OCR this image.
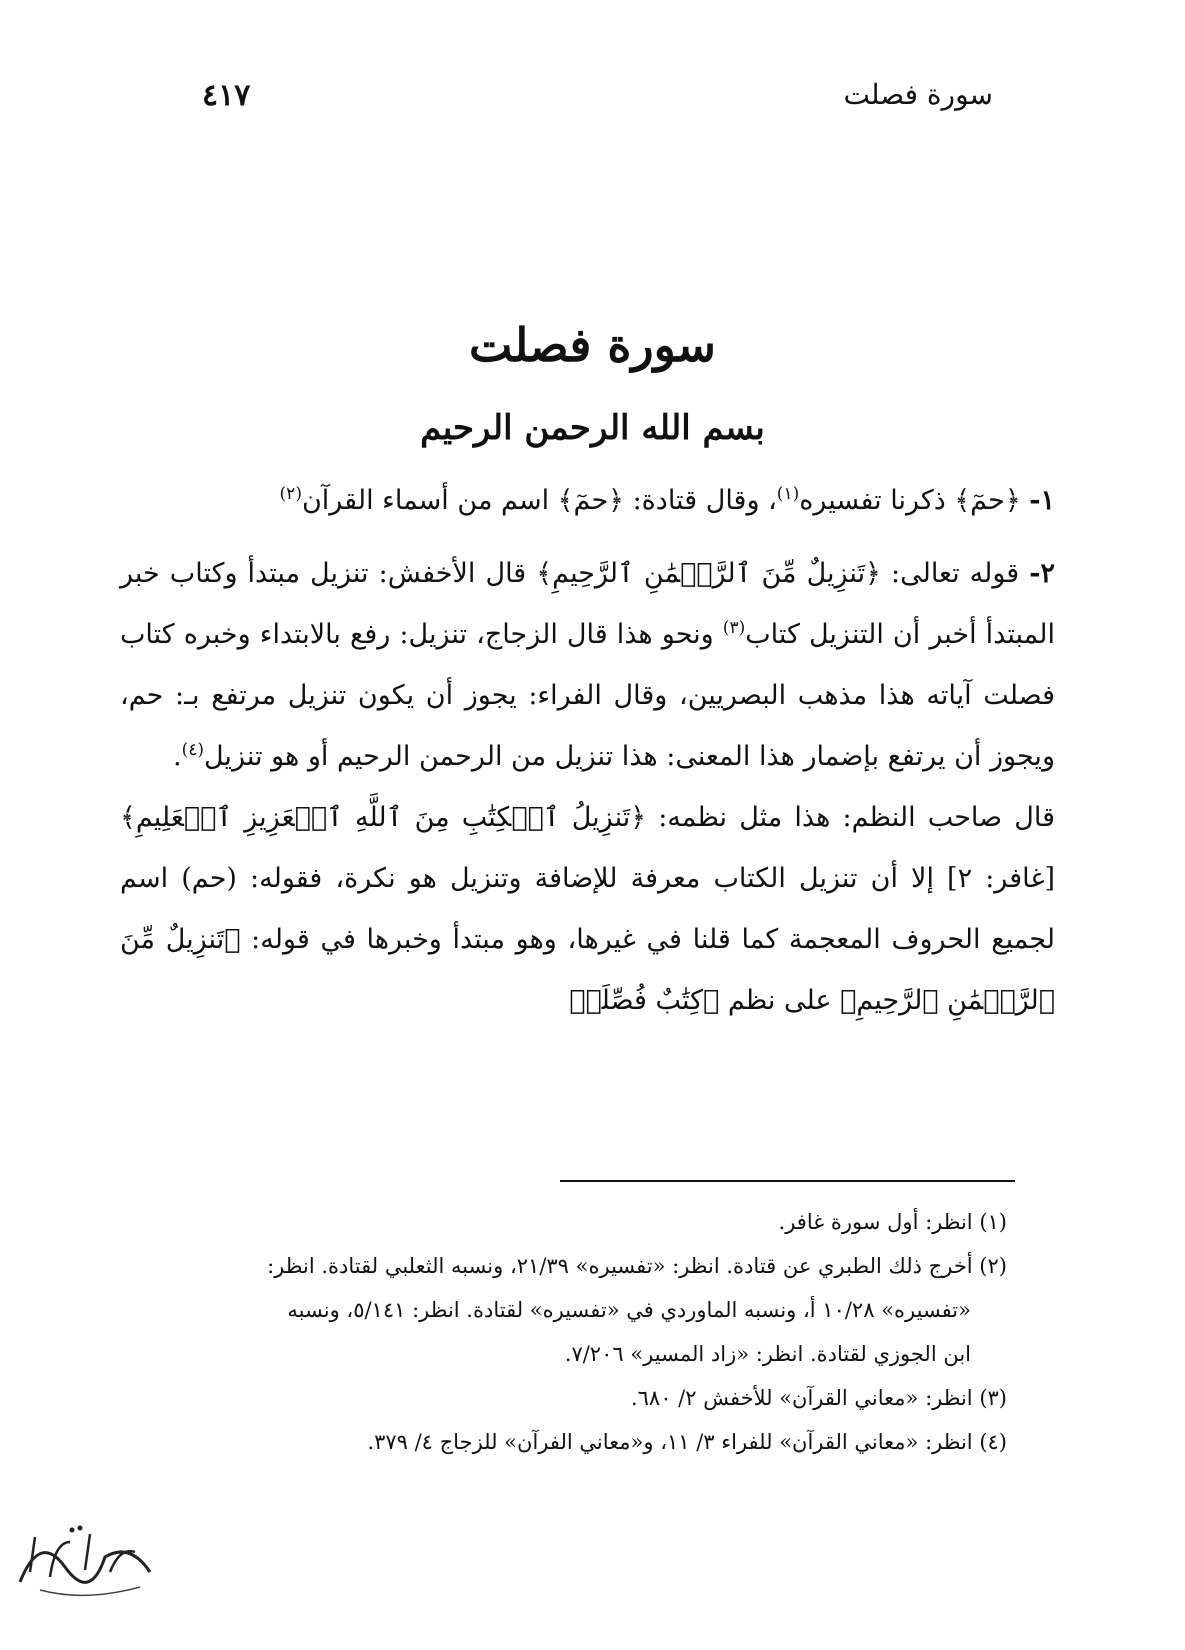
سورة فصلت
٤١٧
سورة فصلت
بسم الله الرحمن الرحيم

١- ﴿حمٓ﴾ ذكرنا تفسيره$^{(١)}$، وقال قتادة: ﴿حمٓ﴾ اسم من أسماء القرآن$^{(٢)}$

٢- قوله تعالى: ﴿تَنزِيلٌ مِّنَ ٱلرَّحۡمَٰنِ ٱلرَّحِيمِ﴾ قال الأخفش: تنزيل مبتدأ وكتاب خبر المبتدأ أخبر أن التنزيل كتاب$^{(٣)}$ ونحو هذا قال الزجاج، تنزيل: رفع بالابتداء وخبره كتاب فصلت آياته هذا مذهب البصريين، وقال الفراء: يجوز أن يكون تنزيل مرتفع بـ: حم، ويجوز أن يرتفع بإضمار هذا المعنى: هذا تنزيل من الرحمن الرحيم أو هو تنزيل$^{(٤)}$.

قال صاحب النظم: هذا مثل نظمه: ﴿تَنزِيلُ ٱلۡكِتَٰبِ مِنَ ٱللَّهِ ٱلۡعَزِيزِ ٱلۡعَلِيمِ﴾ [غافر: ٢] إلا أن تنزيل الكتاب معرفة للإضافة وتنزيل هو نكرة، فقوله: (حم) اسم لجميع الحروف المعجمة كما قلنا في غيرها، وهو مبتدأ وخبرها في قوله: ﴿تَنزِيلٌ مِّنَ ٱلرَّحۡمَٰنِ ٱلرَّحِيمِ﴾ على نظم ﴿كِتَٰبٌ فُصِّلَتۡ

(١) انظر: أول سورة غافر.

(٢) أخرج ذلك الطبري عن قتادة. انظر: «تفسيره» ٢١/٣٩، ونسبه الثعلبي لقتادة. انظر:

«تفسيره» ١٠/٢٨ أ، ونسبه الماوردي في «تفسيره» لقتادة. انظر: ٥/١٤١، ونسبه

ابن الجوزي لقتادة. انظر: «زاد المسير» ٧/٢٠٦.

(٣) انظر: «معاني القرآن» للأخفش ٢/ ٦٨٠.

(٤) انظر: «معاني القرآن» للفراء ٣/ ١١، و«معاني الفرآن» للزجاج ٤/ ٣٧٩.
